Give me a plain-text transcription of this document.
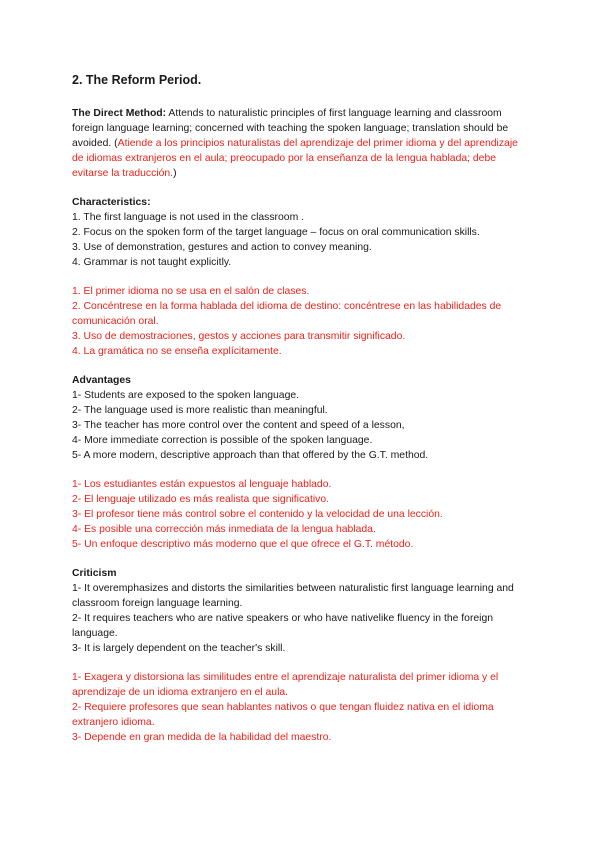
2. The Reform Period.

The Direct Method: Attends to naturalistic principles of first language learning and classroom foreign language learning; concerned with teaching the spoken language; translation should be avoided. (Atiende a los principios naturalistas del aprendizaje del primer idioma y del aprendizaje de idiomas extranjeros en el aula; preocupado por la enseñanza de la lengua hablada; debe evitarse la traducción.)

Characteristics:

1. The first language is not used in the classroom .

2. Focus on the spoken form of the target language – focus on oral communication skills.

3. Use of demonstration, gestures and action to convey meaning.

4. Grammar is not taught explicitly.

1. El primer idioma no se usa en el salón de clases.

2. Concéntrese en la forma hablada del idioma de destino: concéntrese en las habilidades de comunicación oral.

3. Uso de demostraciones, gestos y acciones para transmitir significado.

4. La gramática no se enseña explícitamente.

Advantages

1- Students are exposed to the spoken language.

2- The language used is more realistic than meaningful.

3- The teacher has more control over the content and speed of a lesson,

4- More immediate correction is possible of the spoken language.

5- A more modern, descriptive approach than that offered by the G.T. method.

1- Los estudiantes están expuestos al lenguaje hablado.

2- El lenguaje utilizado es más realista que significativo.

3- El profesor tiene más control sobre el contenido y la velocidad de una lección.

4- Es posible una corrección más inmediata de la lengua hablada.

5- Un enfoque descriptivo más moderno que el que ofrece el G.T. método.

Criticism

1- It overemphasizes and distorts the similarities between naturalistic first language learning and classroom foreign language learning.

2- It requires teachers who are native speakers or who have nativelike fluency in the foreign language.

3- It is largely dependent on the teacher's skill.

1- Exagera y distorsiona las similitudes entre el aprendizaje naturalista del primer idioma y el aprendizaje de un idioma extranjero en el aula.

2- Requiere profesores que sean hablantes nativos o que tengan fluidez nativa en el idioma extranjero idioma.

3- Depende en gran medida de la habilidad del maestro.
